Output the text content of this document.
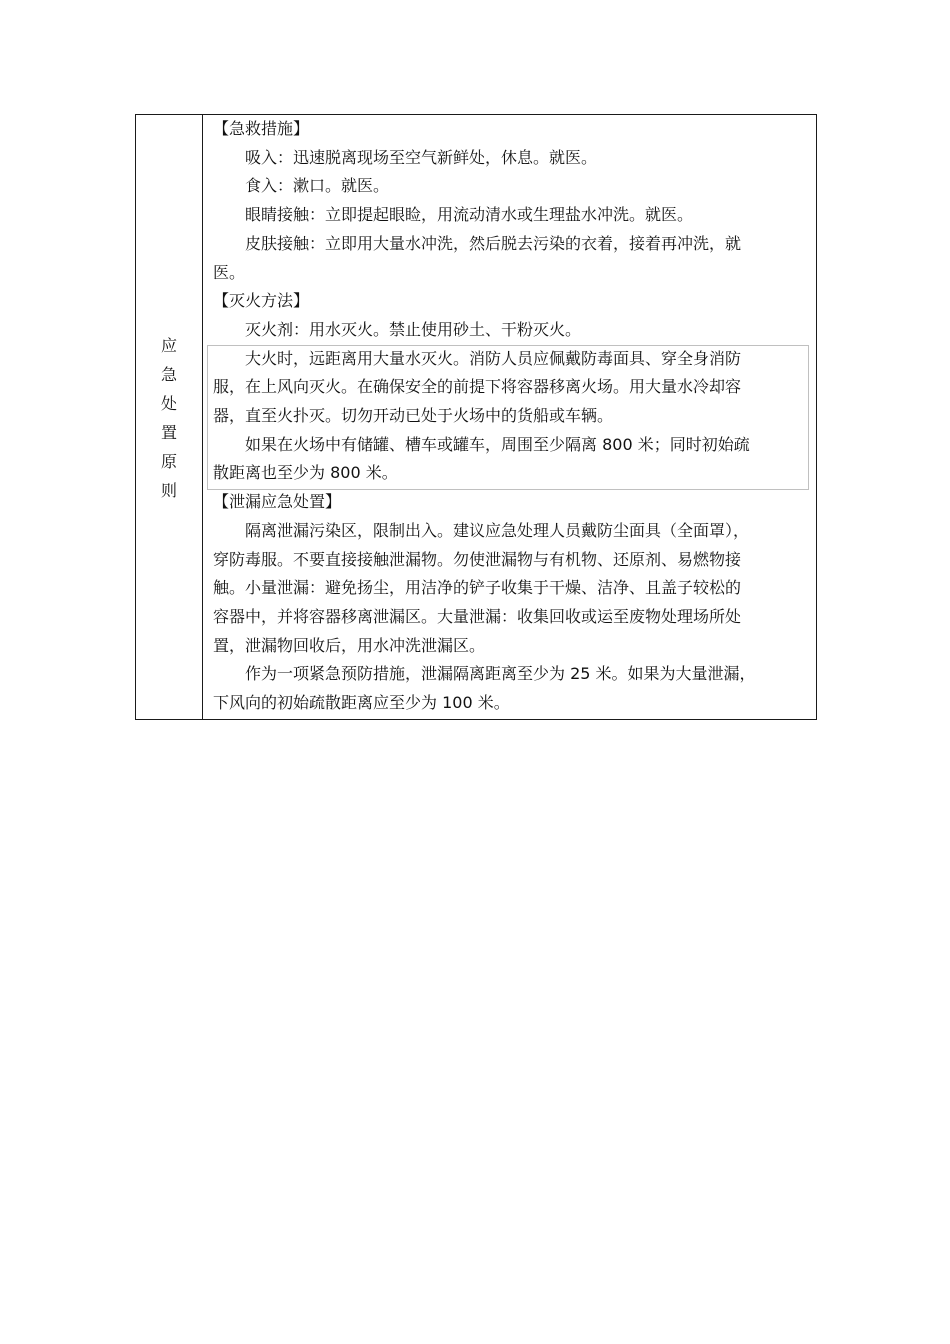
应
急
处
置
原
则

【急救措施】

吸入：迅速脱离现场至空气新鲜处，休息。就医。

食入：漱口。就医。

眼睛接触：立即提起眼睑，用流动清水或生理盐水冲洗。就医。

皮肤接触：立即用大量水冲洗，然后脱去污染的衣着，接着再冲洗，就

医。

【灭火方法】

灭火剂：用水灭火。禁止使用砂土、干粉灭火。

大火时，远距离用大量水灭火。消防人员应佩戴防毒面具、穿全身消防

服，在上风向灭火。在确保安全的前提下将容器移离火场。用大量水冷却容

器，直至火扑灭。切勿开动已处于火场中的货船或车辆。

如果在火场中有储罐、槽车或罐车，周围至少隔离 800 米；同时初始疏

散距离也至少为 800 米。

【泄漏应急处置】

隔离泄漏污染区，限制出入。建议应急处理人员戴防尘面具（全面罩），

穿防毒服。不要直接接触泄漏物。勿使泄漏物与有机物、还原剂、易燃物接

触。小量泄漏：避免扬尘，用洁净的铲子收集于干燥、洁净、且盖子较松的

容器中，并将容器移离泄漏区。大量泄漏：收集回收或运至废物处理场所处

置，泄漏物回收后，用水冲洗泄漏区。

作为一项紧急预防措施，泄漏隔离距离至少为 25 米。如果为大量泄漏，

下风向的初始疏散距离应至少为 100 米。
